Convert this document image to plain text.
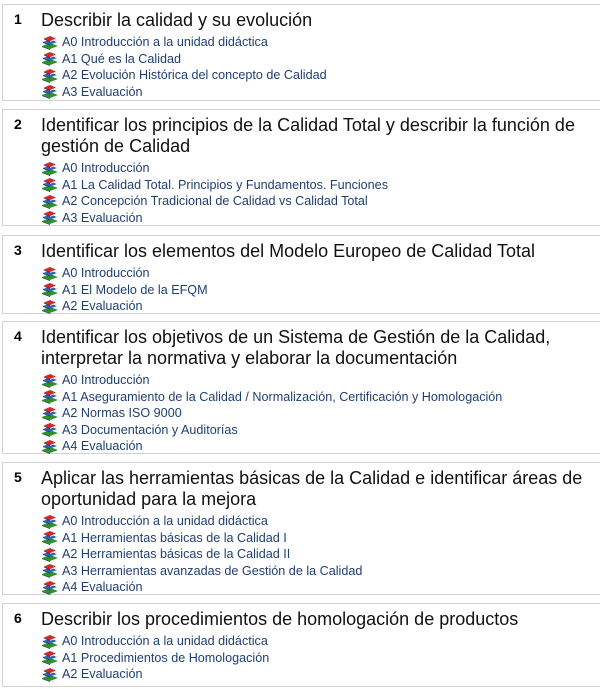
1 Describir la calidad y su evolución
A0 Introducción a la unidad didáctica
A1 Qué es la Calidad
A2 Evolución Histórica del concepto de Calidad
A3 Evaluación
2 Identificar los principios de la Calidad Total y describir la función de gestión de Calidad
A0 Introducción
A1 La Calidad Total. Principios y Fundamentos. Funciones
A2 Concepción Tradicional de Calidad vs Calidad Total
A3 Evaluación
3 Identificar los elementos del Modelo Europeo de Calidad Total
A0 Introducción
A1 El Modelo de la EFQM
A2 Evaluación
4 Identificar los objetivos de un Sistema de Gestión de la Calidad, interpretar la normativa y elaborar la documentación
A0 Introducción
A1 Aseguramiento de la Calidad / Normalización, Certificación y Homologación
A2 Normas ISO 9000
A3 Documentación y Auditorías
A4 Evaluación
5 Aplicar las herramientas básicas de la Calidad e identificar áreas de oportunidad para la mejora
A0 Introducción a la unidad didáctica
A1 Herramientas básicas de la Calidad I
A2 Herramientas básicas de la Calidad II
A3 Herramientas avanzadas de Gestión de la Calidad
A4 Evaluación
6 Describir los procedimientos de homologación de productos
A0 Introducción a la unidad didáctica
A1 Procedimientos de Homologación
A2 Evaluación
